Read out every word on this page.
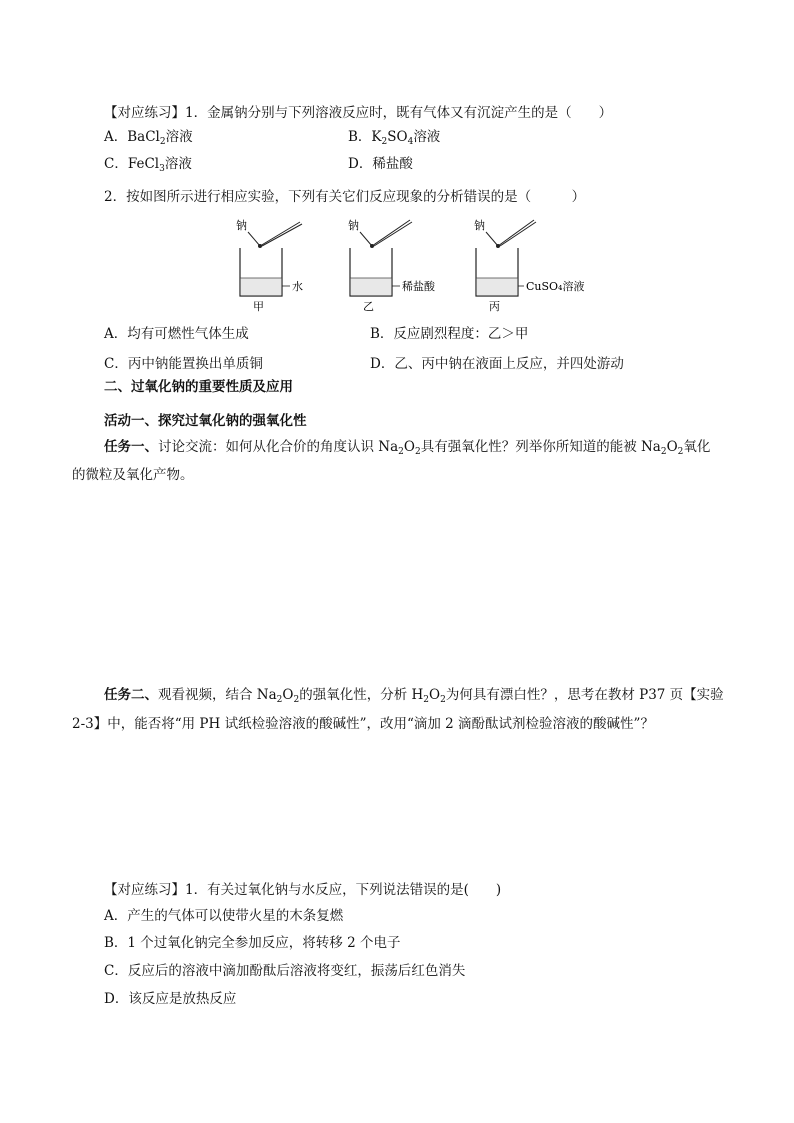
【对应练习】1．金属钠分别与下列溶液反应时，既有气体又有沉淀产生的是（　　）
A．BaCl$_2$溶液	B．$K_2SO_4$溶液
C．FeCl$_3$溶液	D．稀盐酸
2．按如图所示进行相应实验，下列有关它们反应现象的分析错误的是（　　　）
钠
水
甲
钠
稀盐酸
乙
钠
CuSO₄溶液
丙
A．均有可燃性气体生成	B．反应剧烈程度：乙＞甲
C．丙中钠能置换出单质铜	D．乙、丙中钠在液面上反应，并四处游动
二、过氧化钠的重要性质及应用
活动一、探究过氧化钠的强氧化性
任务一、讨论交流：如何从化合价的角度认识 $Na_2O_2$具有强氧化性？列举你所知道的能被 $Na_2O_2$氧化
的微粒及氧化产物。
任务二、观看视频，结合 $Na_2O_2$的强氧化性，分析 $H_2O_2$为何具有漂白性？，思考在教材 P37 页【实验
2-3】中，能否将“用 PH 试纸检验溶液的酸碱性”，改用“滴加 2 滴酚酞试剂检验溶液的酸碱性”？
【对应练习】1．有关过氧化钠与水反应，下列说法错误的是(　　)
A．产生的气体可以使带火星的木条复燃
B．1 个过氧化钠完全参加反应，将转移 2 个电子
C．反应后的溶液中滴加酚酞后溶液将变红，振荡后红色消失
D．该反应是放热反应
